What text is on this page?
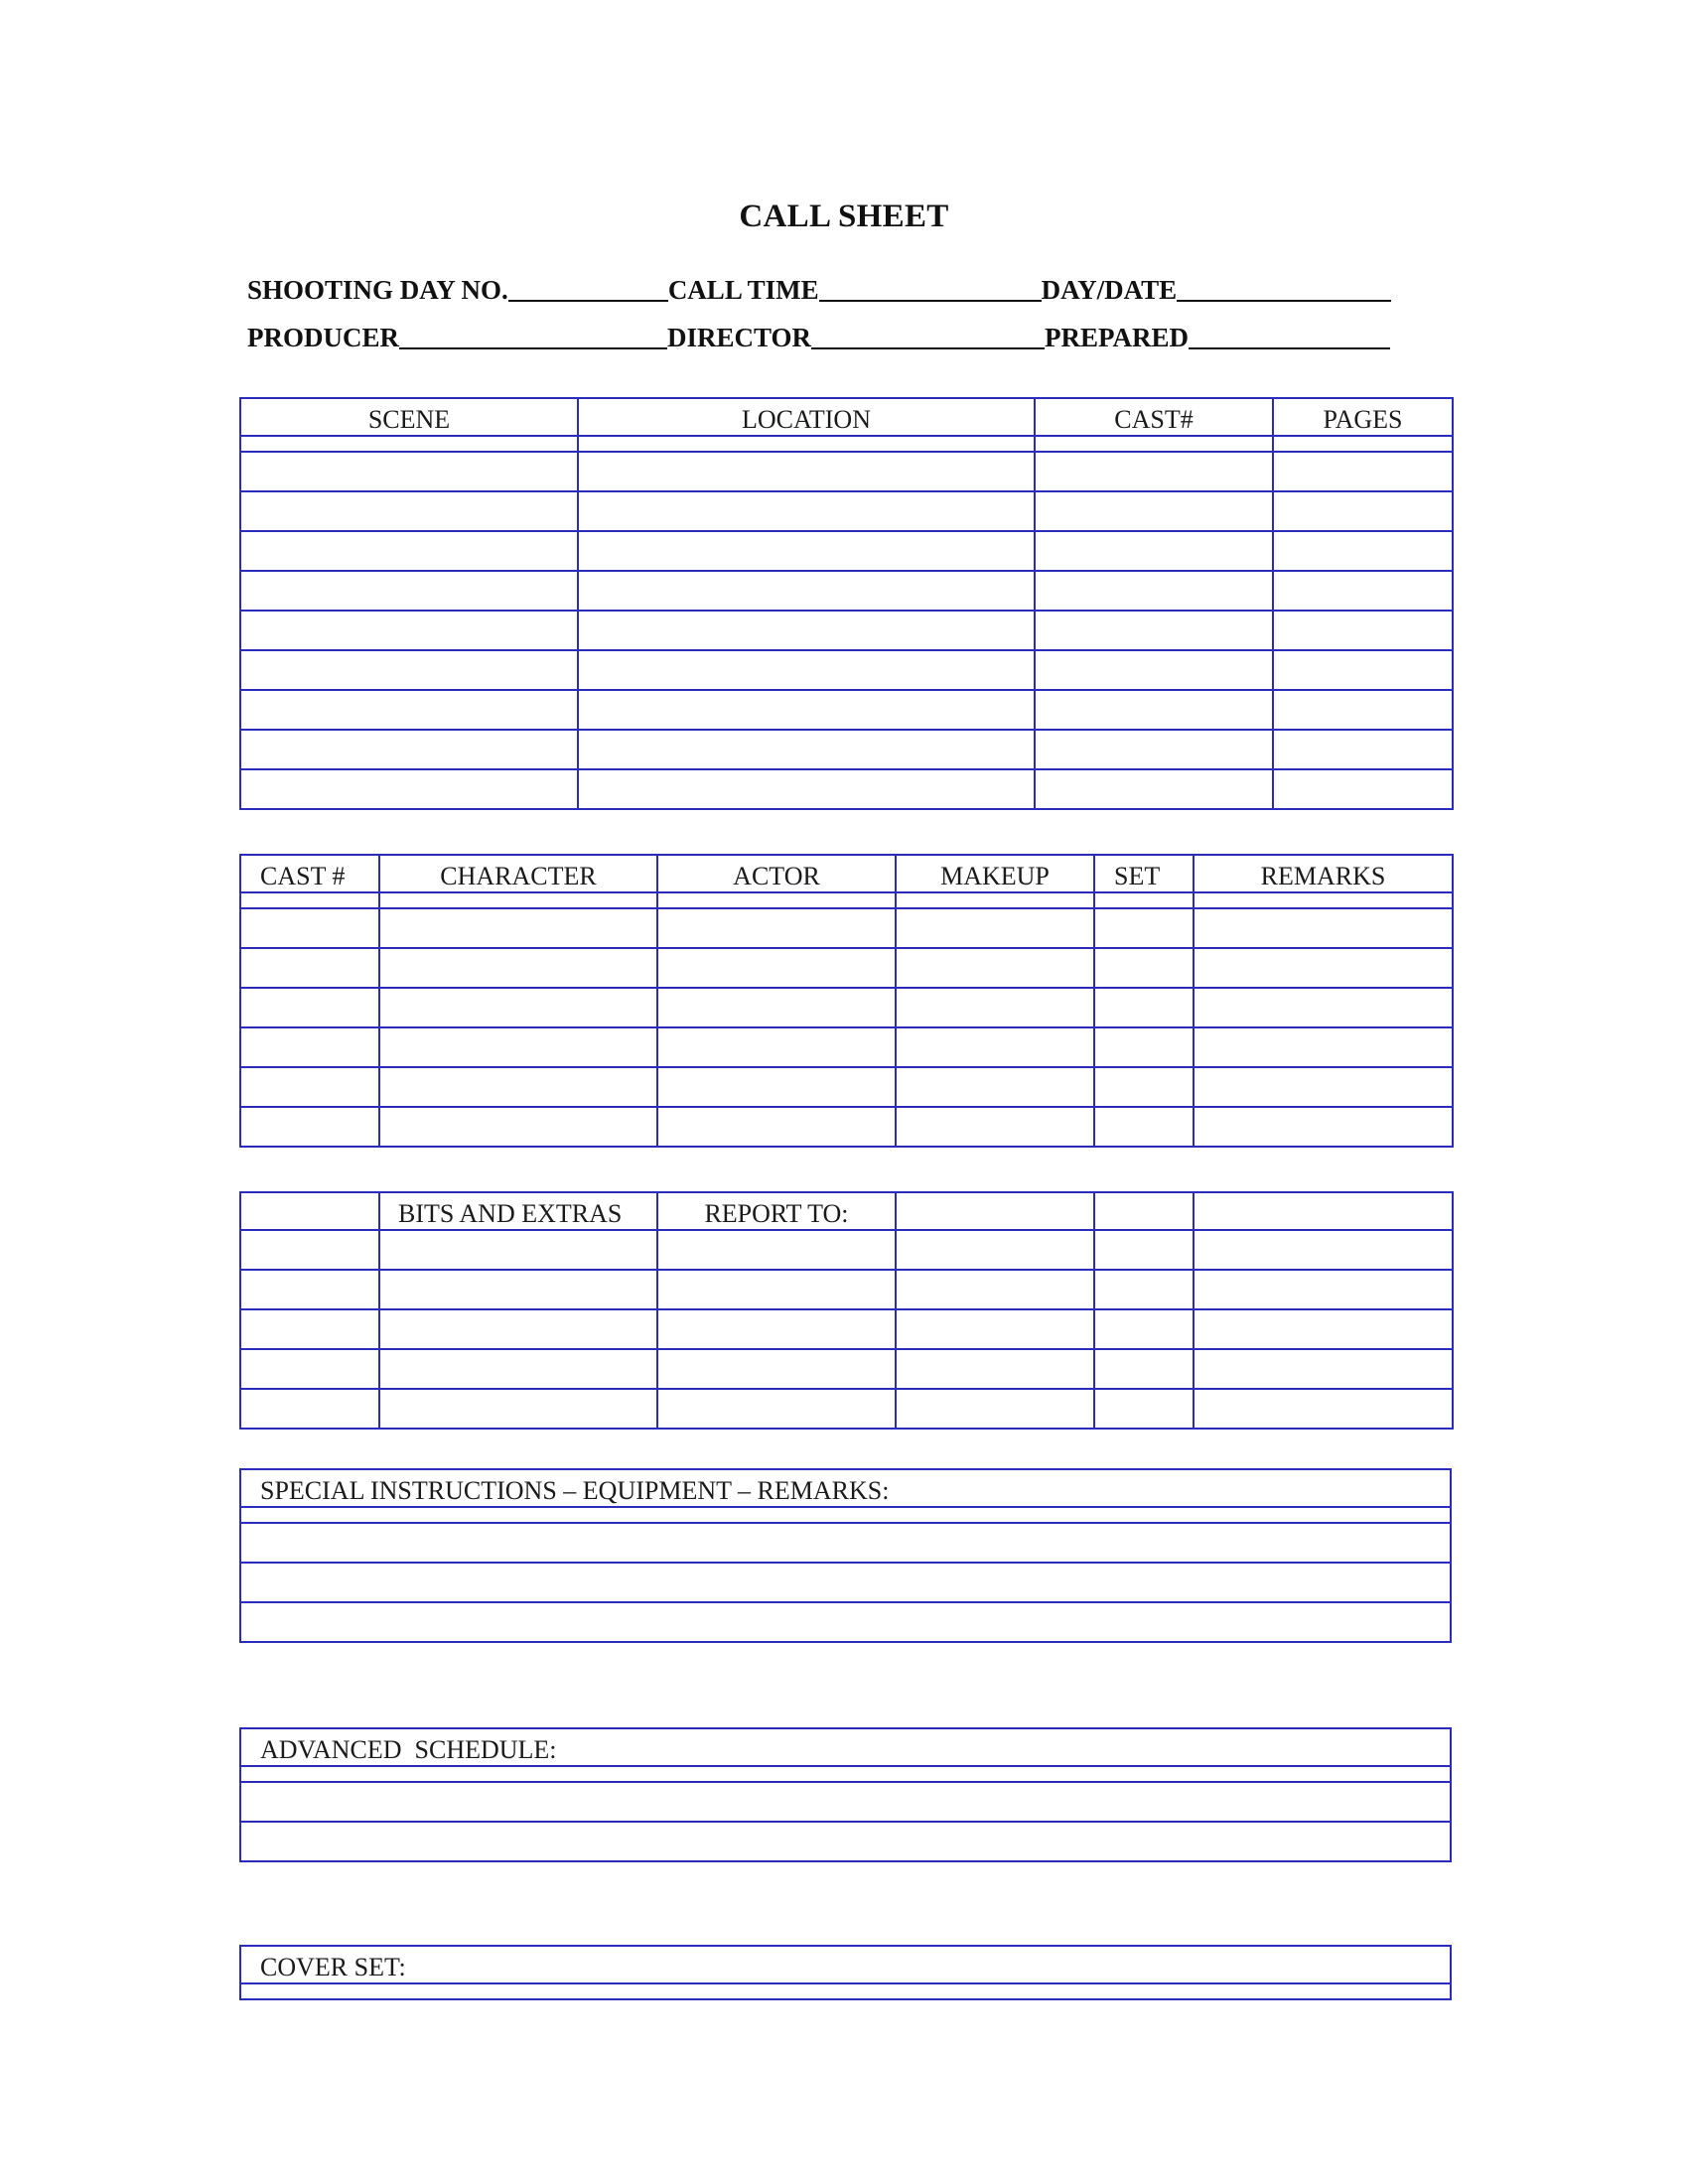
CALL SHEET
SHOOTING DAY NO.	CALL TIME	DAY/DATE
PRODUCER	DIRECTOR	PREPARED
SCENE	LOCATION	CAST#	PAGES

CAST #	CHARACTER	ACTOR	MAKEUP	SET	REMARKS

	BITS AND EXTRAS	REPORT TO:			

SPECIAL INSTRUCTIONS – EQUIPMENT – REMARKS:

ADVANCED  SCHEDULE:

COVER SET:
